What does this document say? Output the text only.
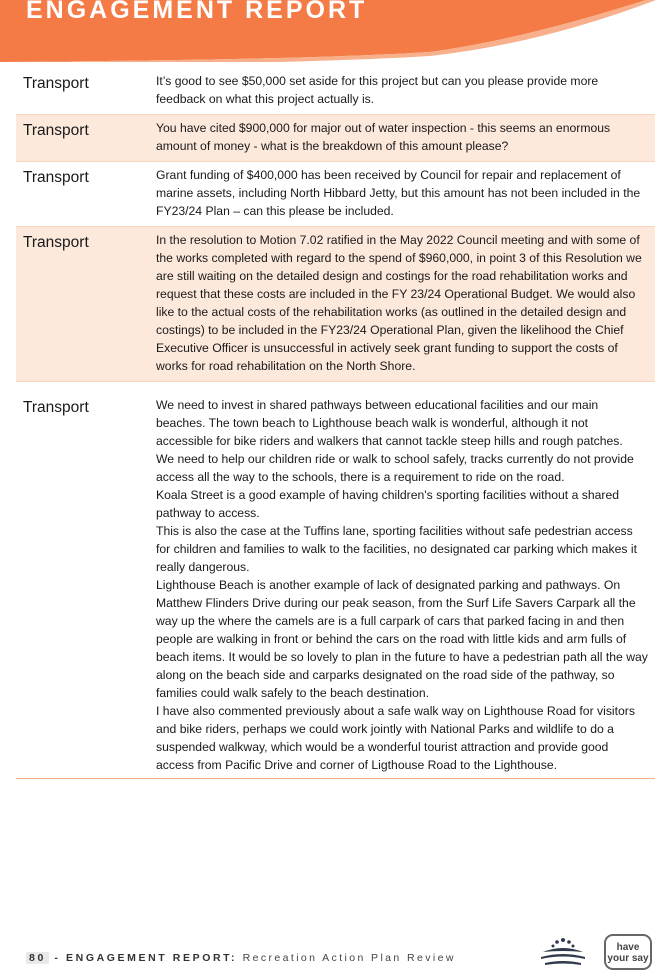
ENGAGEMENT REPORT
Transport	It’s good to see $50,000 set aside for this project but can you please provide more feedback on what this project actually is.

Transport	You have cited $900,000 for major out of water inspection - this seems an enormous amount of money - what is the breakdown of this amount please?

Transport	Grant funding of $400,000 has been received by Council for repair and replacement of marine assets, including North Hibbard Jetty, but this amount has not been included in the FY23/24 Plan – can this please be included.

Transport	In the resolution to Motion 7.02 ratified in the May 2022 Council meeting and with some of the works completed with regard to the spend of $960,000, in point 3 of this Resolution we are still waiting on the detailed design and costings for the road rehabilitation works and request that these costs are included in the FY 23/24 Operational Budget. We would also like to the actual costs of the rehabilitation works (as outlined in the detailed design and costings) to be included in the FY23/24 Operational Plan, given the likelihood the Chief Executive Officer is unsuccessful in actively seek grant funding to support the costs of works for road rehabilitation on the North Shore.

Transport	We need to invest in shared pathways between educational facilities and our main beaches. The town beach to Lighthouse beach walk is wonderful, although it not accessible for bike riders and walkers that cannot tackle steep hills and rough patches.

We need to help our children ride or walk to school safely, tracks currently do not provide access all the way to the schools, there is a requirement to ride on the road.

Koala Street is a good example of having children's sporting facilities without a shared pathway to access.

This is also the case at the Tuffins lane, sporting facilities without safe pedestrian access for children and families to walk to the facilities, no designated car parking which makes it really dangerous.

Lighthouse Beach is another example of lack of designated parking and pathways. On Matthew Flinders Drive during our peak season, from the Surf Life Savers Carpark all the way up the where the camels are is a full carpark of cars that parked facing in and then people are walking in front or behind the cars on the road with little kids and arm fulls of beach items. It would be so lovely to plan in the future to have a pedestrian path all the way along on the beach side and carparks designated on the road side of the pathway, so families could walk safely to the beach destination.

I have also commented previously about a safe walk way on Lighthouse Road for visitors and bike riders, perhaps we could work jointly with National Parks and wildlife to do a suspended walkway, which would be a wonderful tourist attraction and provide good access from Pacific Drive and corner of Ligthouse Road to the Lighthouse.

80 - ENGAGEMENT REPORT: Recreation Action Plan Review
have
your say
